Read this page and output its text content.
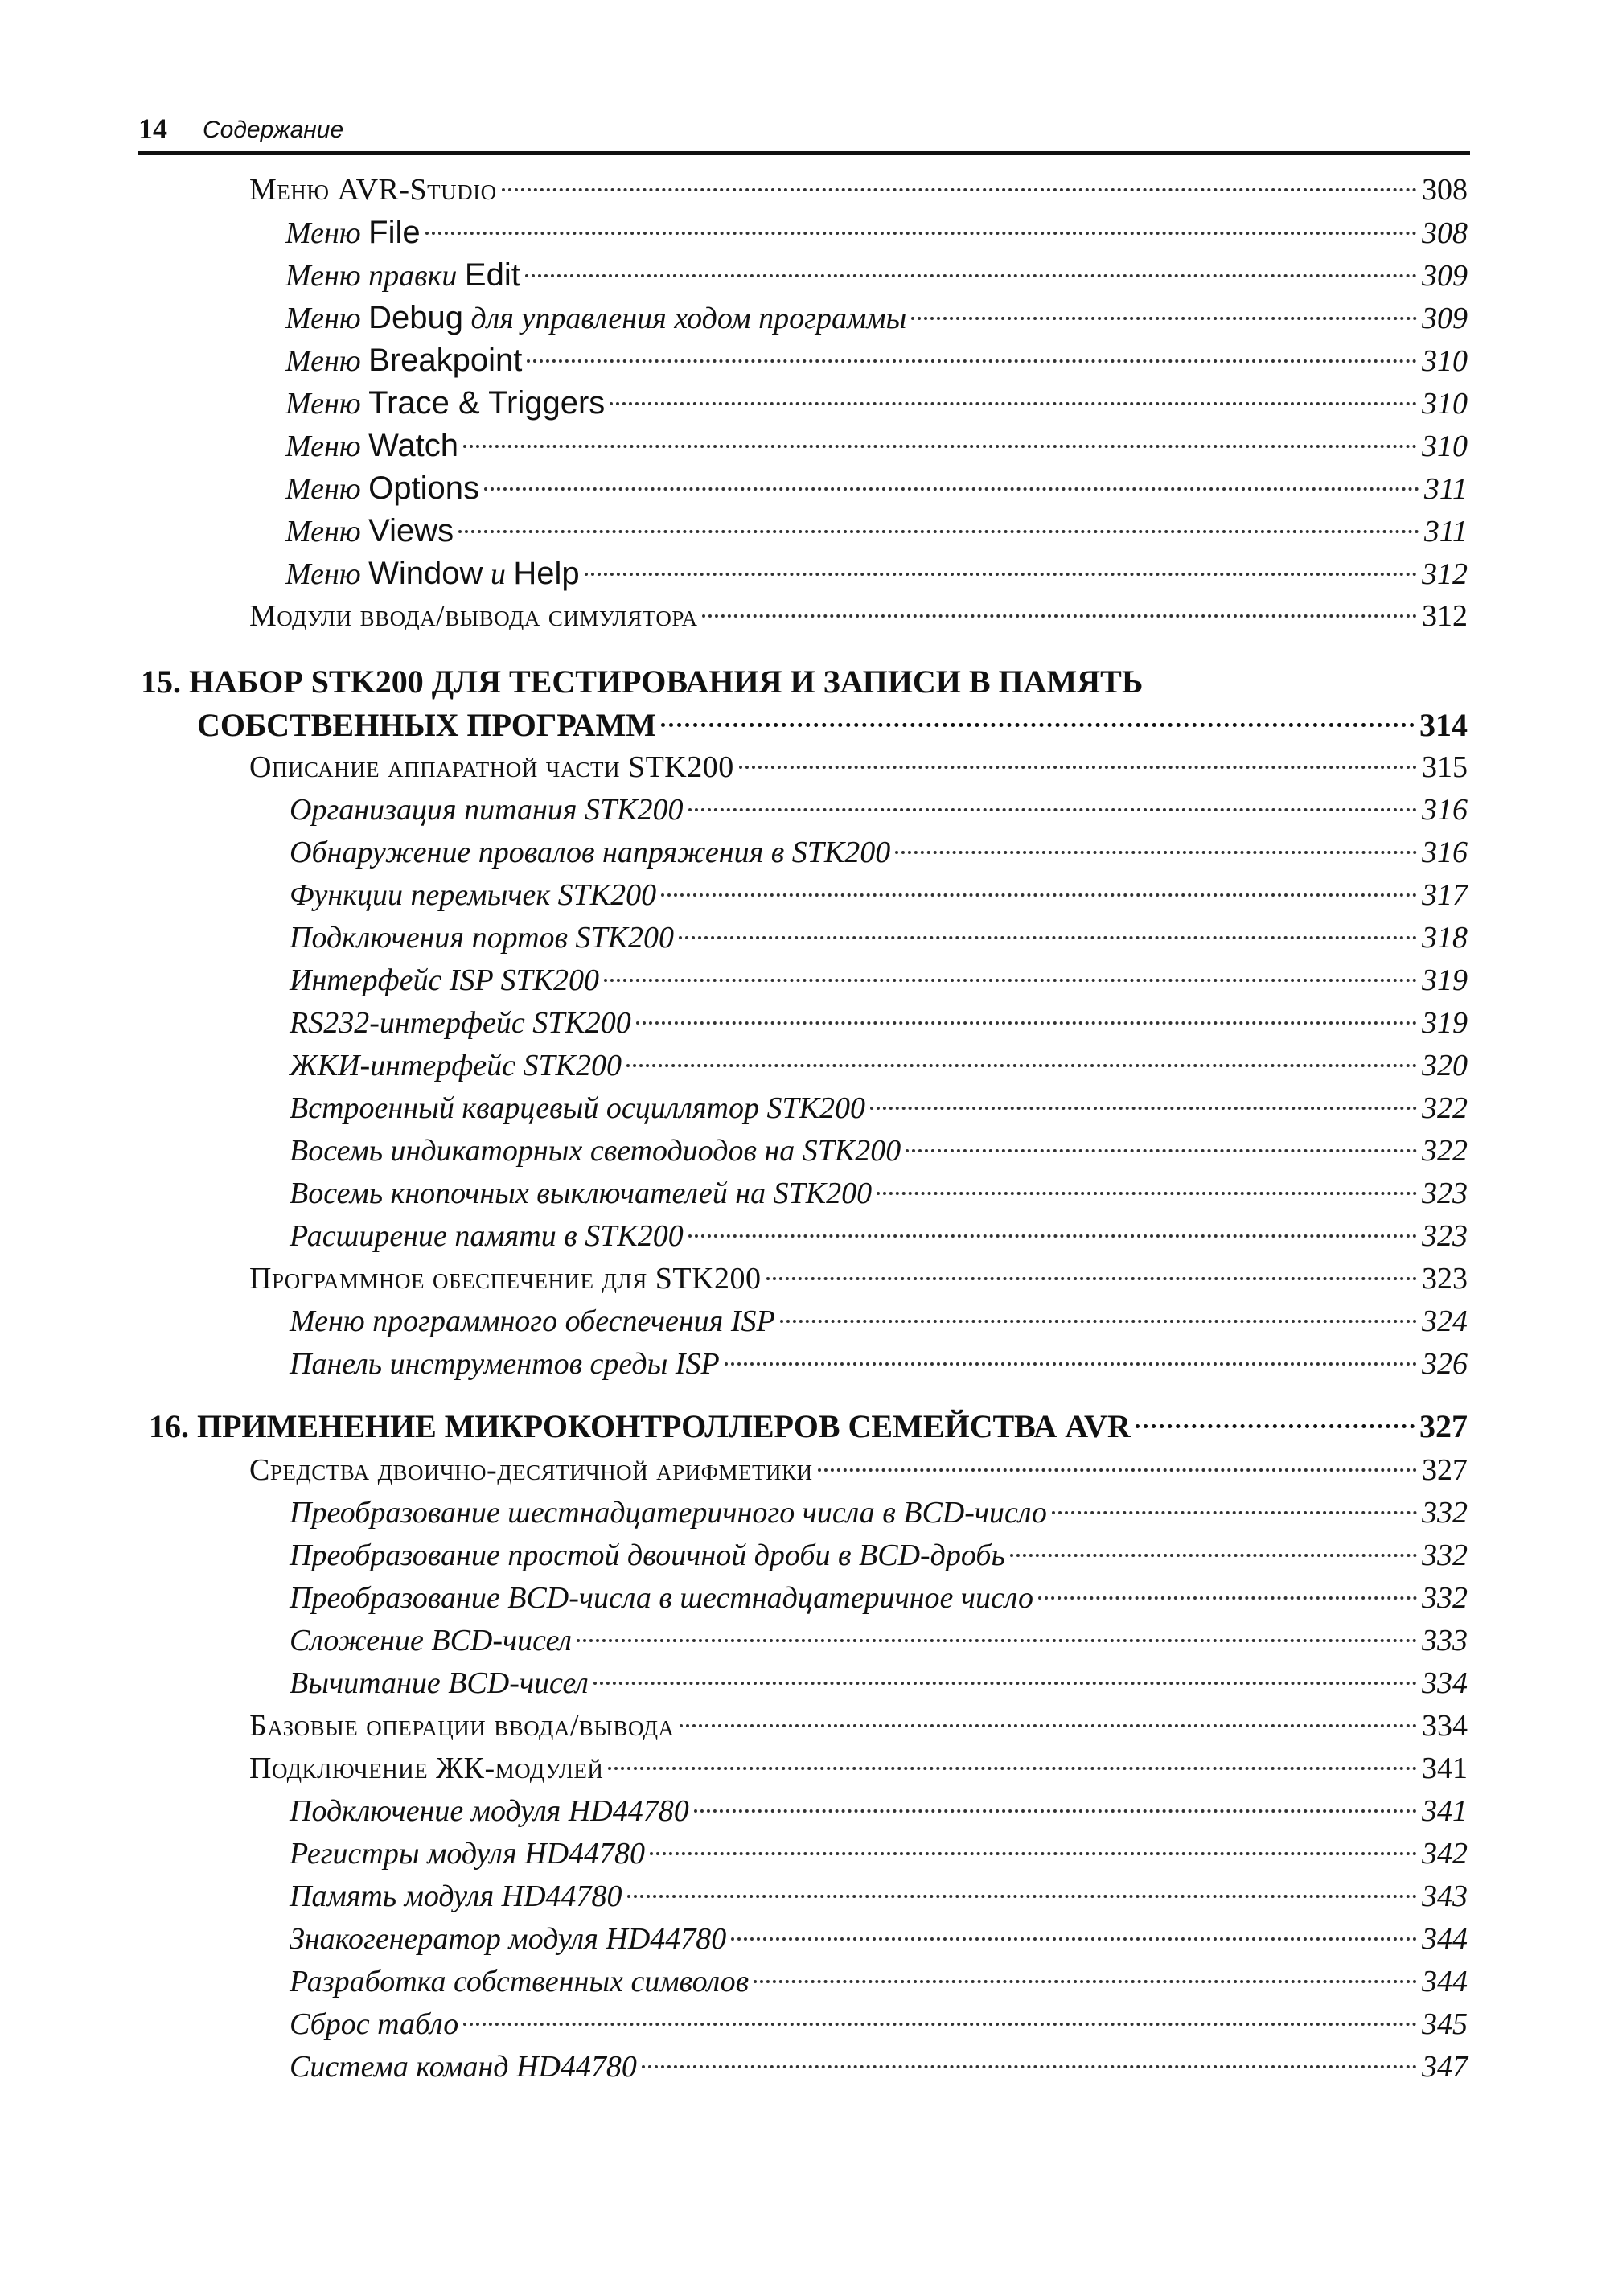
14 Содержание
Меню AVR-Studio	308
Меню File	308
Меню правки Edit	309
Меню Debug для управления ходом программы	309
Меню Breakpoint	310
Меню Trace & Triggers	310
Меню Watch	310
Меню Options	311
Меню Views	311
Меню Window и Help	312
Модули ввода/вывода симулятора	312
15. НАБОР STK200 ДЛЯ ТЕСТИРОВАНИЯ И ЗАПИСИ В ПАМЯТЬ
СОБСТВЕННЫХ ПРОГРАММ	314
Описание аппаратной части STK200	315
Организация питания STK200	316
Обнаружение провалов напряжения в STK200	316
Функции перемычек STK200	317
Подключения портов STK200	318
Интерфейс ISP STK200	319
RS232-интерфейс STK200	319
ЖКИ-интерфейс STK200	320
Встроенный кварцевый осциллятор STK200	322
Восемь индикаторных светодиодов на STK200	322
Восемь кнопочных выключателей на STK200	323
Расширение памяти в STK200	323
Программное обеспечение для STK200	323
Меню программного обеспечения ISP	324
Панель инструментов среды ISP	326
16. ПРИМЕНЕНИЕ МИКРОКОНТРОЛЛЕРОВ СЕМЕЙСТВА AVR	327
Средства двоично-десятичной арифметики	327
Преобразование шестнадцатеричного числа в BCD-число	332
Преобразование простой двоичной дроби в BCD-дробь	332
Преобразование BCD-числа в шестнадцатеричное число	332
Сложение BCD-чисел	333
Вычитание BCD-чисел	334
Базовые операции ввода/вывода	334
Подключение ЖК-модулей	341
Подключение модуля HD44780	341
Регистры модуля HD44780	342
Память модуля HD44780	343
Знакогенератор модуля HD44780	344
Разработка собственных символов	344
Сброс табло	345
Система команд HD44780	347
